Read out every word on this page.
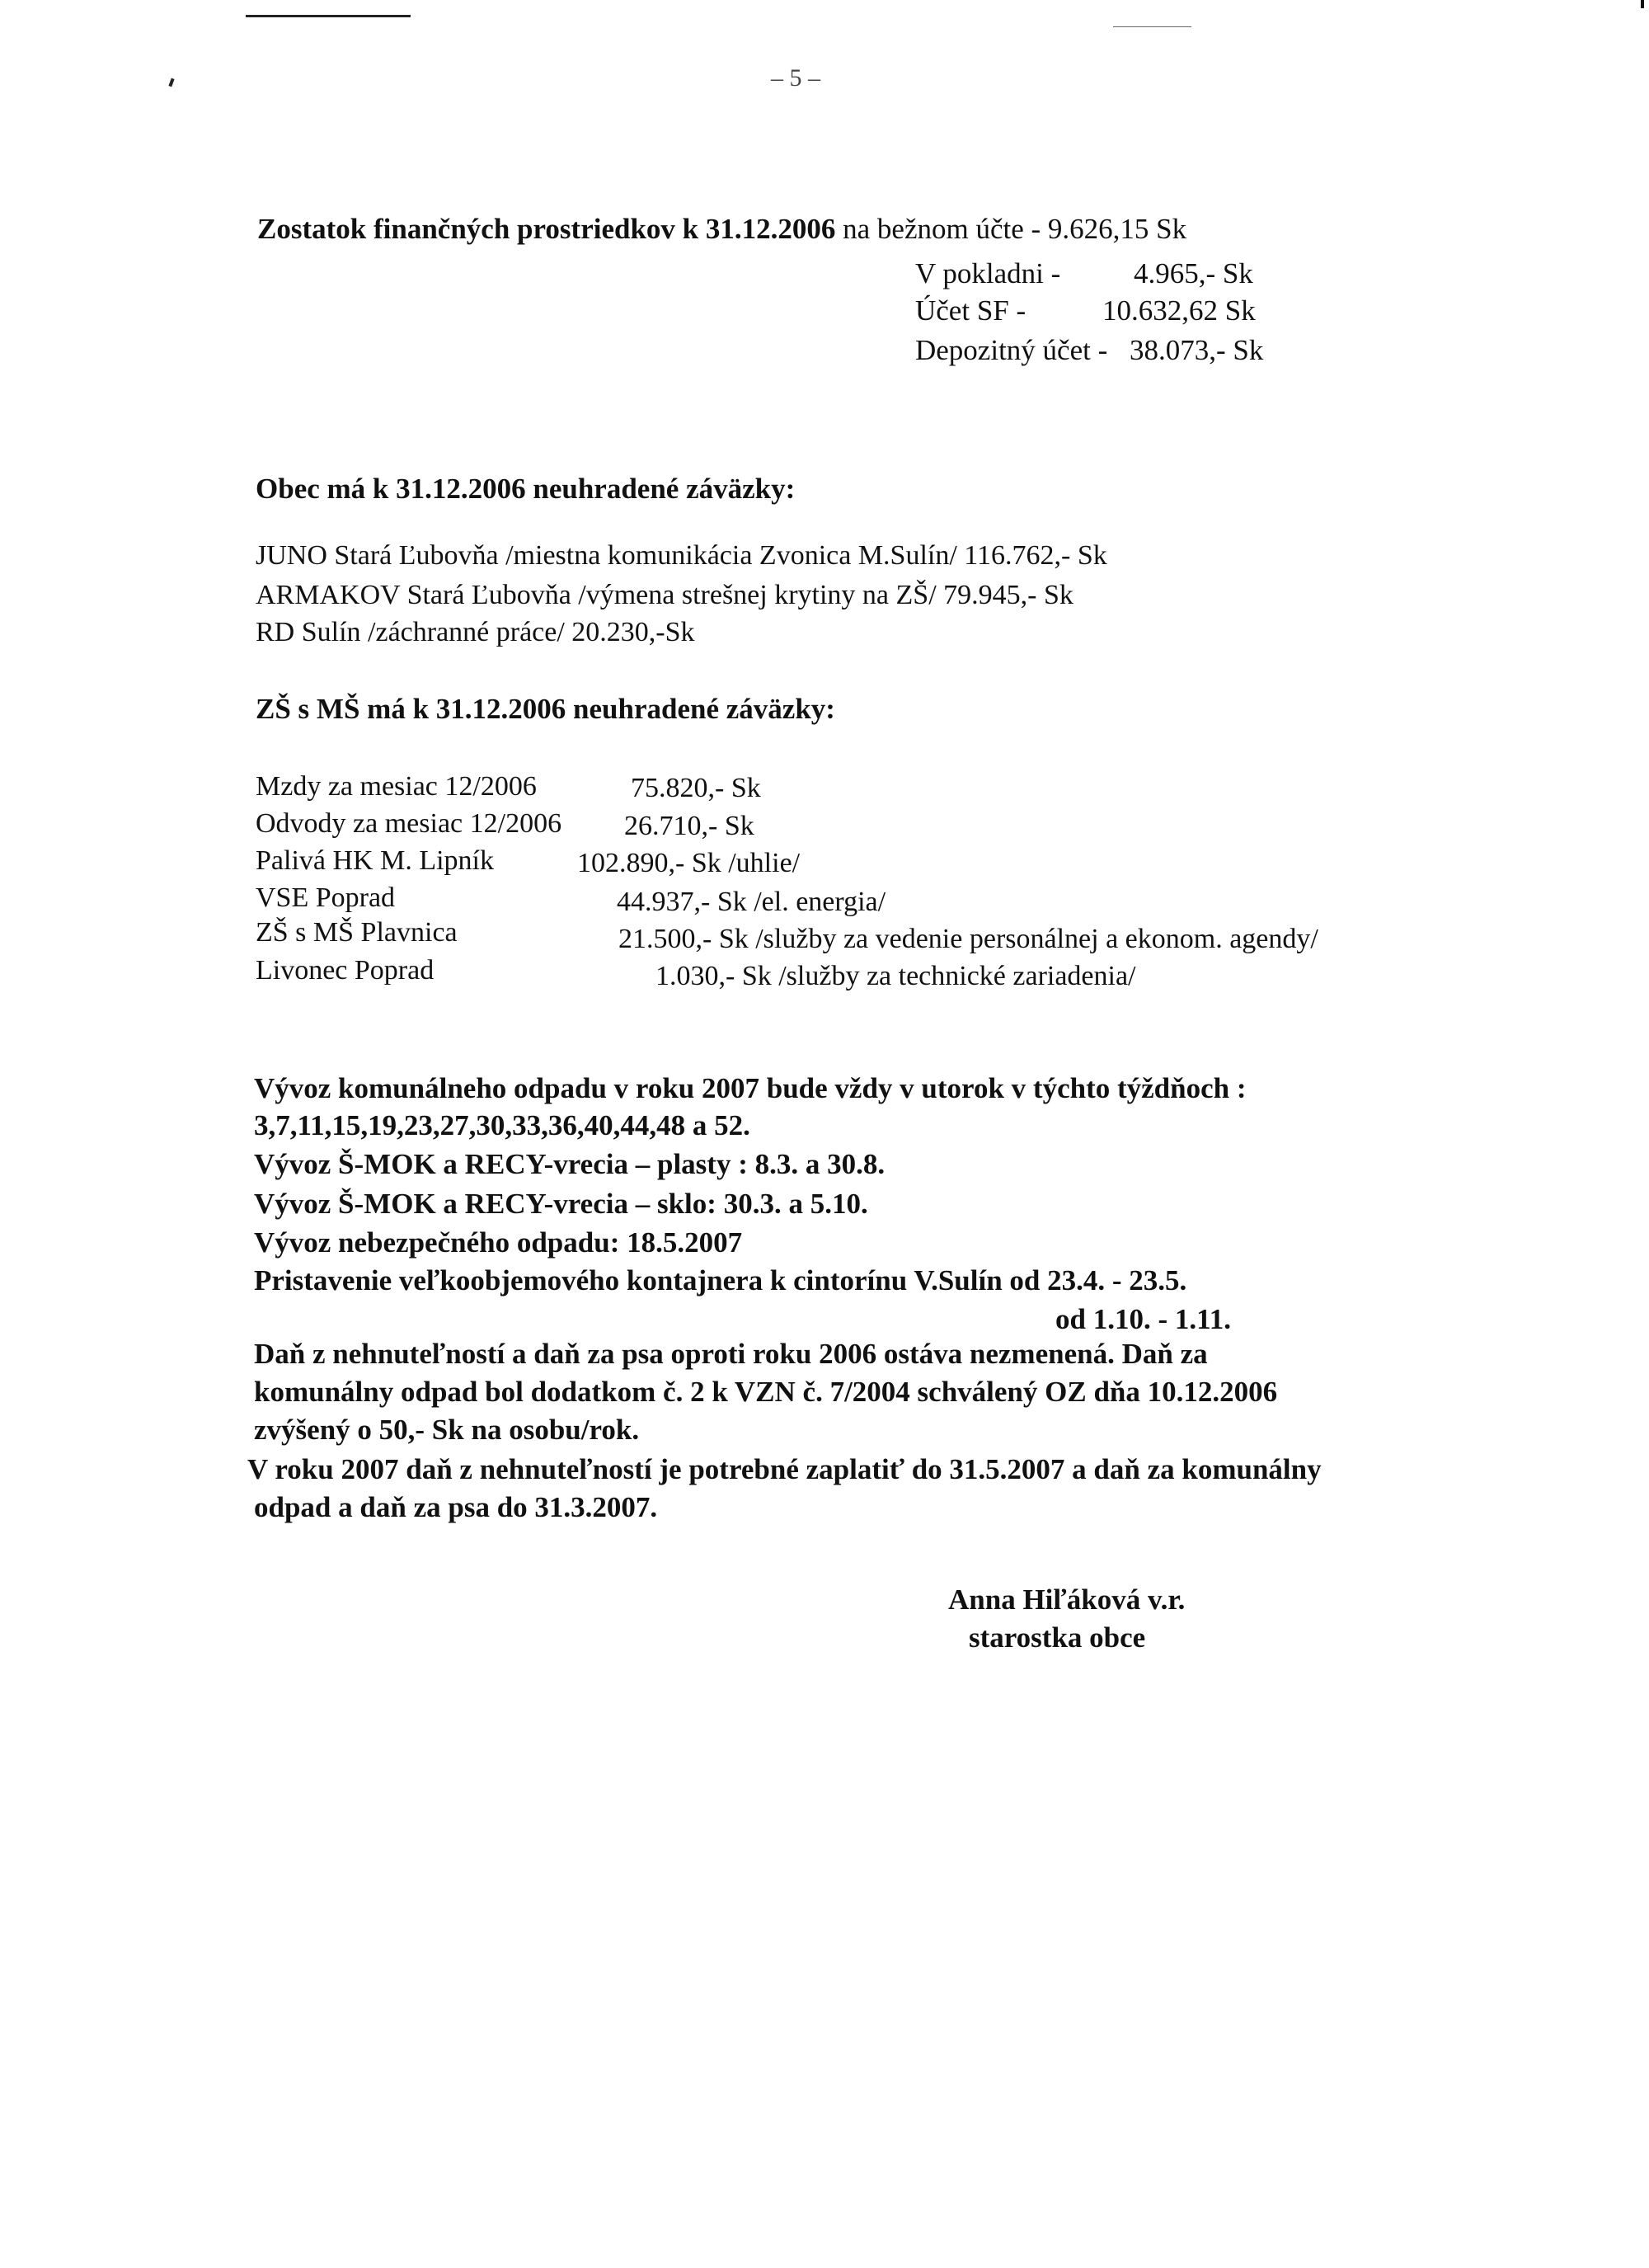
– 5 –
Zostatok finančných prostriedkov k 31.12.2006 na bežnom účte - 9.626,15 Sk
V pokladni -	4.965,- Sk
Účet SF -	10.632,62 Sk
Depozitný účet - 38.073,- Sk
Obec má k 31.12.2006 neuhradené záväzky:
JUNO Stará Ľubovňa /miestna komunikácia Zvonica M.Sulín/ 116.762,- Sk
ARMAKOV Stará Ľubovňa /výmena strešnej krytiny na ZŠ/ 79.945,- Sk
RD Sulín /záchranné práce/ 20.230,-Sk
ZŠ s MŠ má k 31.12.2006 neuhradené záväzky:
Mzdy za mesiac 12/2006	75.820,- Sk
Odvody za mesiac 12/2006 26.710,- Sk
Palivá HK M. Lipník	102.890,- Sk /uhlie/
VSE Poprad	44.937,- Sk /el. energia/
ZŠ s MŠ Plavnica	21.500,- Sk /služby za vedenie personálnej a ekonom. agendy/
Livonec Poprad	1.030,- Sk /služby za technické zariadenia/
Vývoz komunálneho odpadu v roku 2007 bude vždy v utorok v týchto týždňoch :
3,7,11,15,19,23,27,30,33,36,40,44,48 a 52.
Vývoz Š-MOK a RECY-vrecia – plasty : 8.3. a 30.8.
Vývoz Š-MOK a RECY-vrecia – sklo: 30.3. a 5.10.
Vývoz nebezpečného odpadu: 18.5.2007
Pristavenie veľkoobjemového kontajnera k cintorínu V.Sulín od 23.4. - 23.5.
od 1.10. - 1.11.
Daň z nehnuteľností a daň za psa oproti roku 2006 ostáva nezmenená. Daň za
komunálny odpad bol dodatkom č. 2 k VZN č. 7/2004 schválený OZ dňa 10.12.2006
zvýšený o 50,- Sk na osobu/rok.
V roku 2007 daň z nehnuteľností je potrebné zaplatiť do 31.5.2007 a daň za komunálny
odpad a daň za psa do 31.3.2007.
Anna Hiľáková v.r.
starostka obce
